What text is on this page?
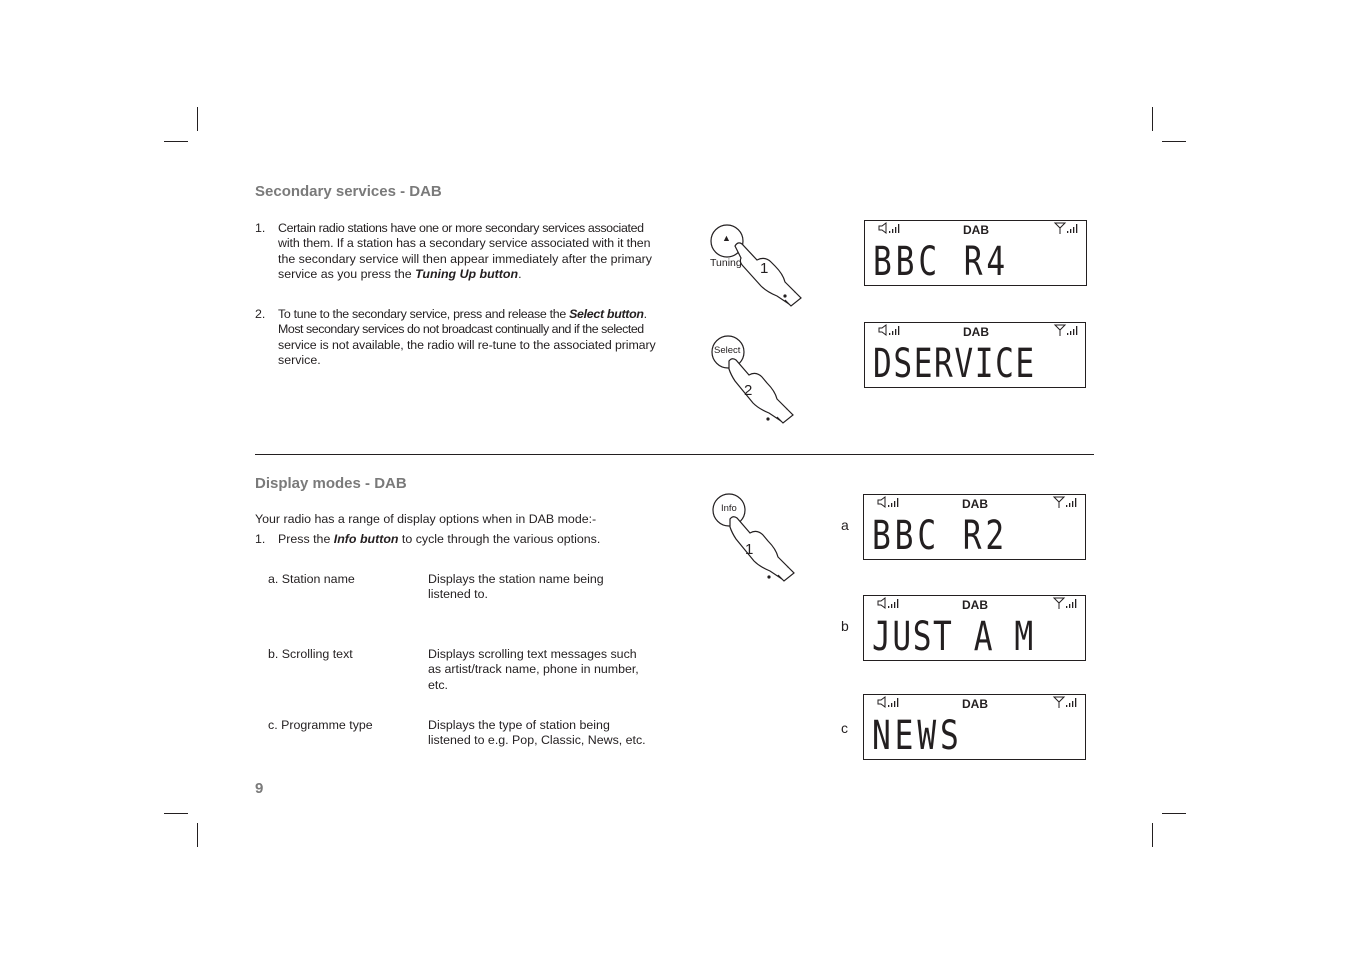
Secondary services - DAB
1. Certain radio stations have one or more secondary services associated
with them. If a station has a secondary service associated with it then
the secondary service will then appear immediately after the primary
service as you press the Tuning Up button.
2. To tune to the secondary service, press and release the Select button.
Most secondary services do not broadcast continually and if the selected
service is not available, the radio will re-tune to the associated primary
service.
▲
Tuning 1
Select
2
DAB
BBC R4
DAB
DSERVICE
Display modes - DAB
Your radio has a range of display options when in DAB mode:-
1. Press the Info button to cycle through the various options.
a. Station name	Displays the station name being
listened to.
b. Scrolling text	Displays scrolling text messages such
as artist/track name, phone in number,
etc.
c. Programme type	Displays the type of station being
listened to e.g. Pop, Classic, News, etc.
Info
1
a
DAB
BBC R2
b
DAB
JUST A M
c
DAB
NEWS
9
